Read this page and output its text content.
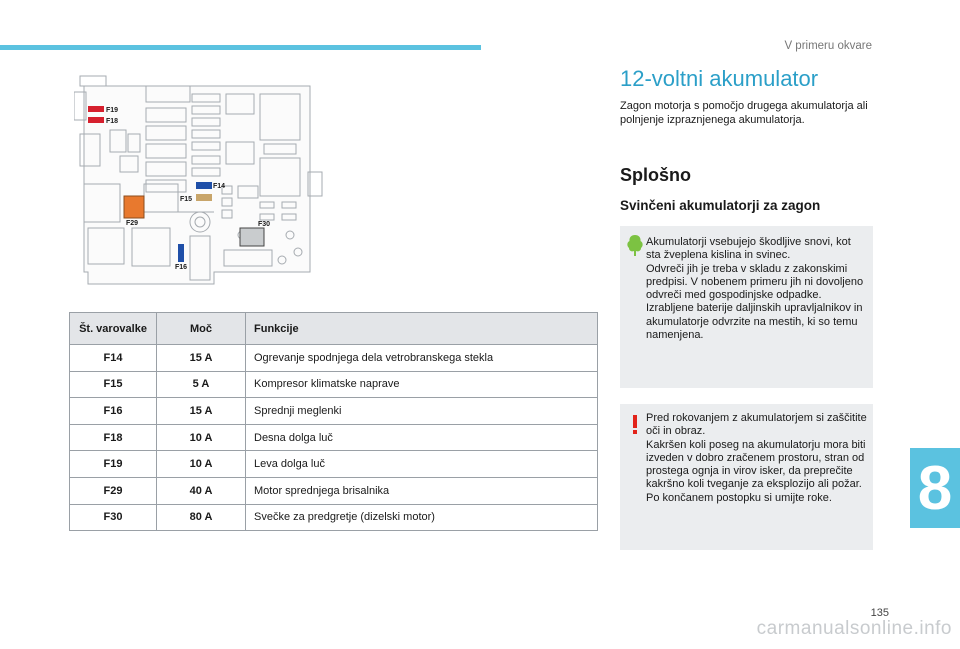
V primeru okvare
F19
F18
F14
F15
F29	F30
F16
Št. varovalke	Moč	Funkcije
F14	15 A	Ogrevanje spodnjega dela vetrobranskega stekla
F15	5 A	Kompresor klimatske naprave
F16	15 A	Sprednji meglenki
F18	10 A	Desna dolga luč
F19	10 A	Leva dolga luč
F29	40 A	Motor sprednjega brisalnika
F30	80 A	Svečke za predgretje (dizelski motor)
12-voltni akumulator

Zagon motorja s pomočjo drugega akumulatorja ali polnjenje izpraznjenega akumulatorja.

Splošno
Svinčeni akumulatorji za zagon
Akumulatorji vsebujejo škodljive snovi, kot sta žveplena kislina in svinec.
Odvreči jih je treba v skladu z zakonskimi predpisi. V nobenem primeru jih ni dovoljeno odvreči med gospodinjske odpadke.
Izrabljene baterije daljinskih upravljalnikov in akumulatorje odvrzite na mestih, ki so temu namenjena.
Pred rokovanjem z akumulatorjem si zaščitite oči in obraz.
Kakršen koli poseg na akumulatorju mora biti izveden v dobro zračenem prostoru, stran od prostega ognja in virov isker, da preprečite kakršno koli tveganje za eksplozijo ali požar.
Po končanem postopku si umijte roke.	8
135
carmanualsonline.info
